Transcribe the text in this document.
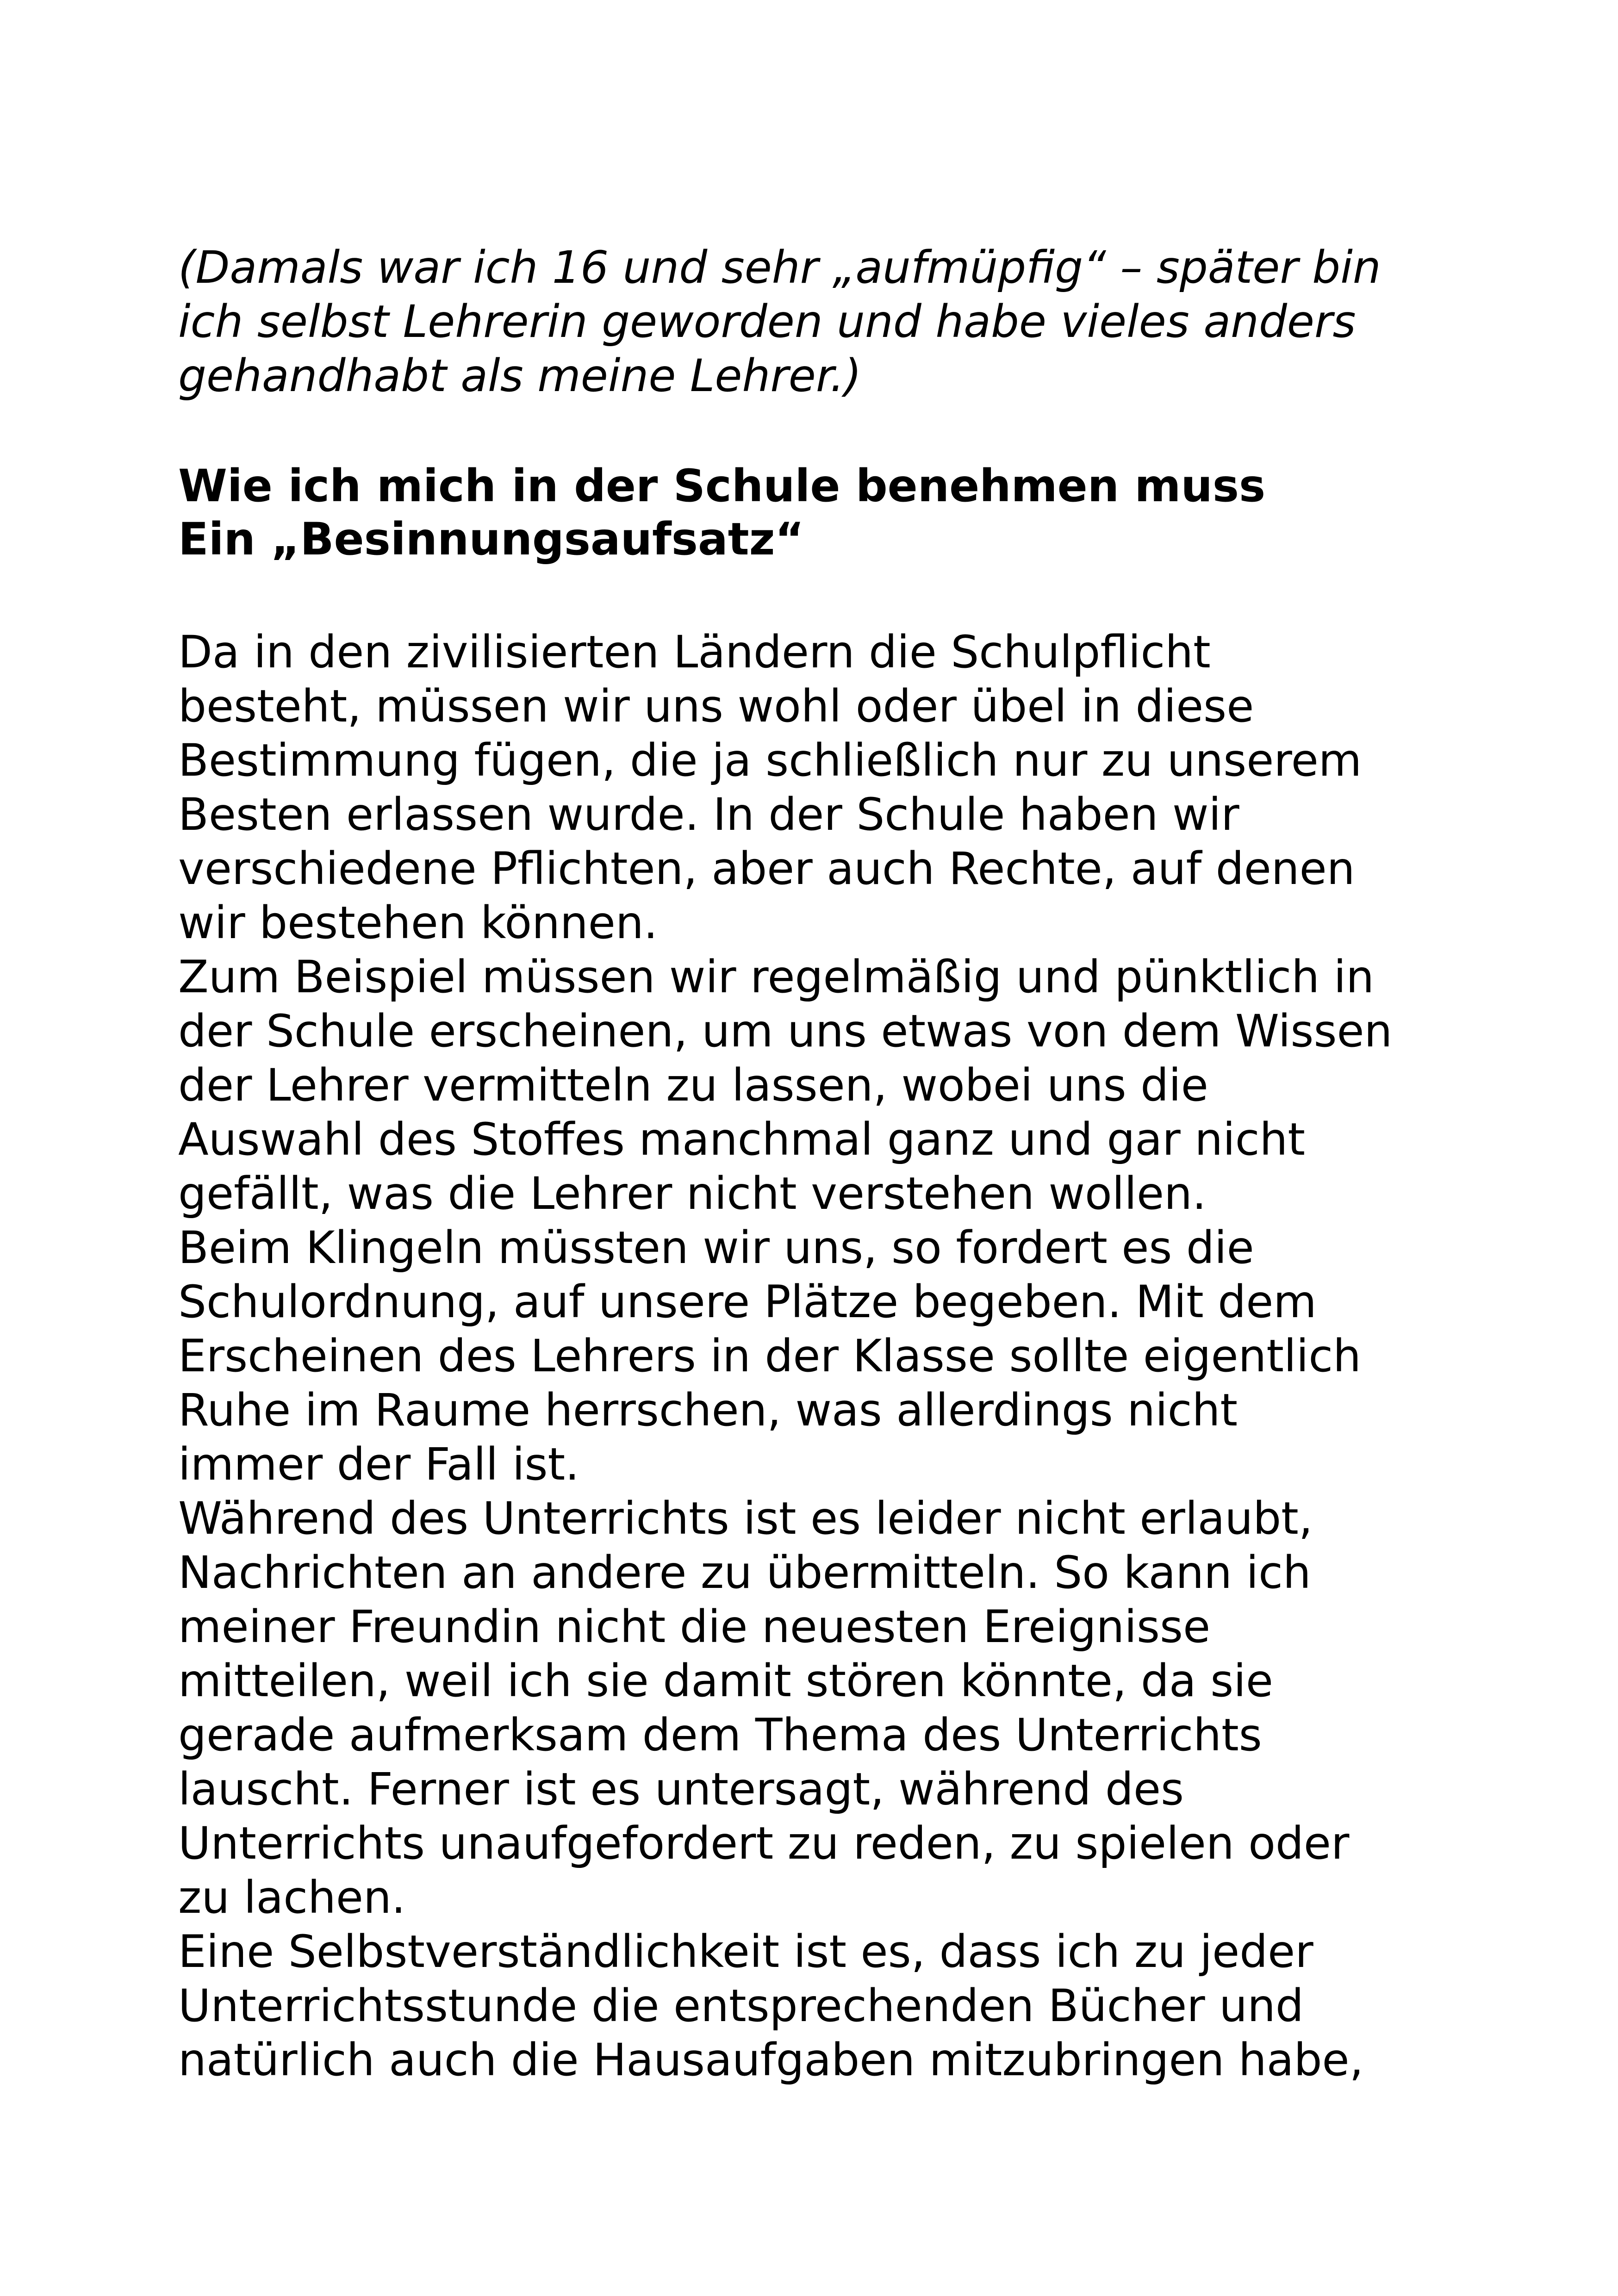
(Damals war ich 16 und sehr „aufmüpfig“ – später bin
ich selbst Lehrerin geworden und habe vieles anders
gehandhabt als meine Lehrer.)
Wie ich mich in der Schule benehmen muss
Ein „Besinnungsaufsatz“
Da in den zivilisierten Ländern die Schulpflicht
besteht, müssen wir uns wohl oder übel in diese
Bestimmung fügen, die ja schließlich nur zu unserem
Besten erlassen wurde. In der Schule haben wir
verschiedene Pflichten, aber auch Rechte, auf denen
wir bestehen können.
Zum Beispiel müssen wir regelmäßig und pünktlich in
der Schule erscheinen, um uns etwas von dem Wissen
der Lehrer vermitteln zu lassen, wobei uns die
Auswahl des Stoffes manchmal ganz und gar nicht
gefällt, was die Lehrer nicht verstehen wollen.
Beim Klingeln müssten wir uns, so fordert es die
Schulordnung, auf unsere Plätze begeben. Mit dem
Erscheinen des Lehrers in der Klasse sollte eigentlich
Ruhe im Raume herrschen, was allerdings nicht
immer der Fall ist.
Während des Unterrichts ist es leider nicht erlaubt,
Nachrichten an andere zu übermitteln. So kann ich
meiner Freundin nicht die neuesten Ereignisse
mitteilen, weil ich sie damit stören könnte, da sie
gerade aufmerksam dem Thema des Unterrichts
lauscht. Ferner ist es untersagt, während des
Unterrichts unaufgefordert zu reden, zu spielen oder
zu lachen.
Eine Selbstverständlichkeit ist es, dass ich zu jeder
Unterrichtsstunde die entsprechenden Bücher und
natürlich auch die Hausaufgaben mitzubringen habe,
